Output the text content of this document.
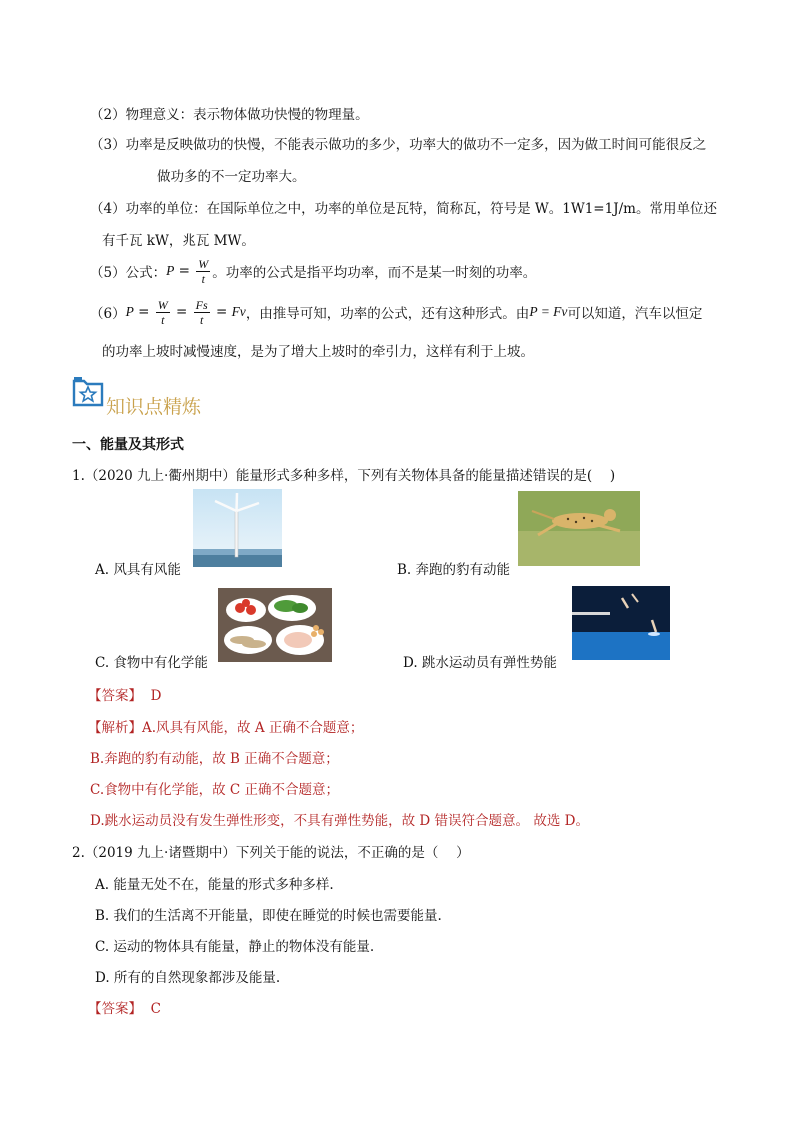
（2）物理意义：表示物体做功快慢的物理量。
（3）功率是反映做功的快慢，不能表示做功的多少，功率大的做功不一定多，因为做工时间可能很反之
做功多的不一定功率大。
（4）功率的单位：在国际单位之中，功率的单位是瓦特，简称瓦，符号是 W。1W1=1J/m。常用单位还
有千瓦 kW，兆瓦 MW。
（5）公式： $P = \frac{W}{t}$ 。功率的公式是指平均功率，而不是某一时刻的功率。
（6） $P = \frac{W}{t} = \frac{Fs}{t} = Fv$ ，由推导可知，功率的公式，还有这种形式。由 P = Fv 可以知道，汽车以恒定
的功率上坡时减慢速度，是为了增大上坡时的牵引力，这样有利于上坡。
知识点精炼
一、能量及其形式
1.（2020 九上·衢州期中）能量形式多种多样，下列有关物体具备的能量描述错误的是(　 )
A. 风具有风能	B. 奔跑的豹有动能
C. 食物中有化学能	D. 跳水运动员有弹性势能
【答案】 D
【解析】A.风具有风能，故 A 正确不合题意；
B.奔跑的豹有动能，故 B 正确不合题意；
C.食物中有化学能，故 C 正确不合题意；
D.跳水运动员没有发生弹性形变，不具有弹性势能，故 D 错误符合题意。 故选 D。
2.（2019 九上·诸暨期中）下列关于能的说法，不正确的是（　 ）
A. 能量无处不在，能量的形式多种多样.
B. 我们的生活离不开能量，即使在睡觉的时候也需要能量.
C. 运动的物体具有能量，静止的物体没有能量.
D. 所有的自然现象都涉及能量.
【答案】 C
